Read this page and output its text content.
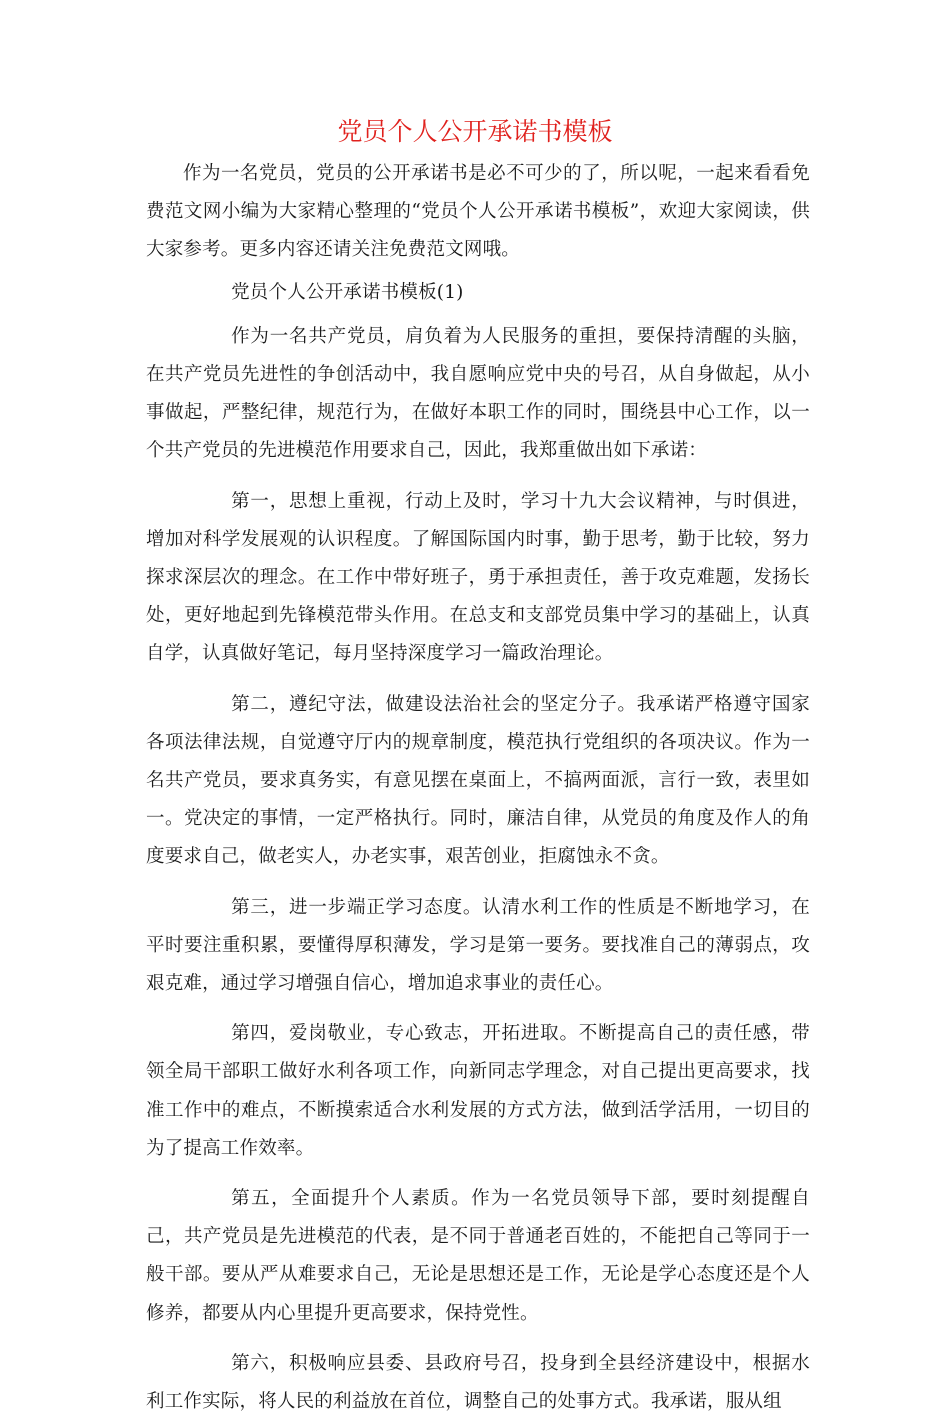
党员个人公开承诺书模板

作为一名党员，党员的公开承诺书是必不可少的了，所以呢，一起来看看免费范文网小编为大家精心整理的“党员个人公开承诺书模板”，欢迎大家阅读，供大家参考。更多内容还请关注免费范文网哦。

党员个人公开承诺书模板(1)

作为一名共产党员，肩负着为人民服务的重担，要保持清醒的头脑，在共产党员先进性的争创活动中，我自愿响应党中央的号召，从自身做起，从小事做起，严整纪律，规范行为，在做好本职工作的同时，围绕县中心工作，以一个共产党员的先进模范作用要求自己，因此，我郑重做出如下承诺：

第一，思想上重视，行动上及时，学习十九大会议精神，与时俱进，增加对科学发展观的认识程度。了解国际国内时事，勤于思考，勤于比较，努力探求深层次的理念。在工作中带好班子，勇于承担责任，善于攻克难题，发扬长处，更好地起到先锋模范带头作用。在总支和支部党员集中学习的基础上，认真自学，认真做好笔记，每月坚持深度学习一篇政治理论。

第二，遵纪守法，做建设法治社会的坚定分子。我承诺严格遵守国家各项法律法规，自觉遵守厅内的规章制度，模范执行党组织的各项决议。作为一名共产党员，要求真务实，有意见摆在桌面上，不搞两面派，言行一致，表里如一。党决定的事情，一定严格执行。同时，廉洁自律，从党员的角度及作人的角度要求自己，做老实人，办老实事，艰苦创业，拒腐蚀永不贪。

第三，进一步端正学习态度。认清水利工作的性质是不断地学习，在平时要注重积累，要懂得厚积薄发，学习是第一要务。要找准自己的薄弱点，攻艰克难，通过学习增强自信心，增加追求事业的责任心。

第四，爱岗敬业，专心致志，开拓进取。不断提高自己的责任感，带领全局干部职工做好水利各项工作，向新同志学理念，对自己提出更高要求，找准工作中的难点，不断摸索适合水利发展的方式方法，做到活学活用，一切目的为了提高工作效率。

第五，全面提升个人素质。作为一名党员领导下部，要时刻提醒自己，共产党员是先进模范的代表，是不同于普通老百姓的，不能把自己等同于一般干部。要从严从难要求自己，无论是思想还是工作，无论是学心态度还是个人修养，都要从内心里提升更高要求，保持党性。

第六，积极响应县委、县政府号召，投身到全县经济建设中，根据水利工作实际，将人民的利益放在首位，调整自己的处事方式。我承诺，服从组
